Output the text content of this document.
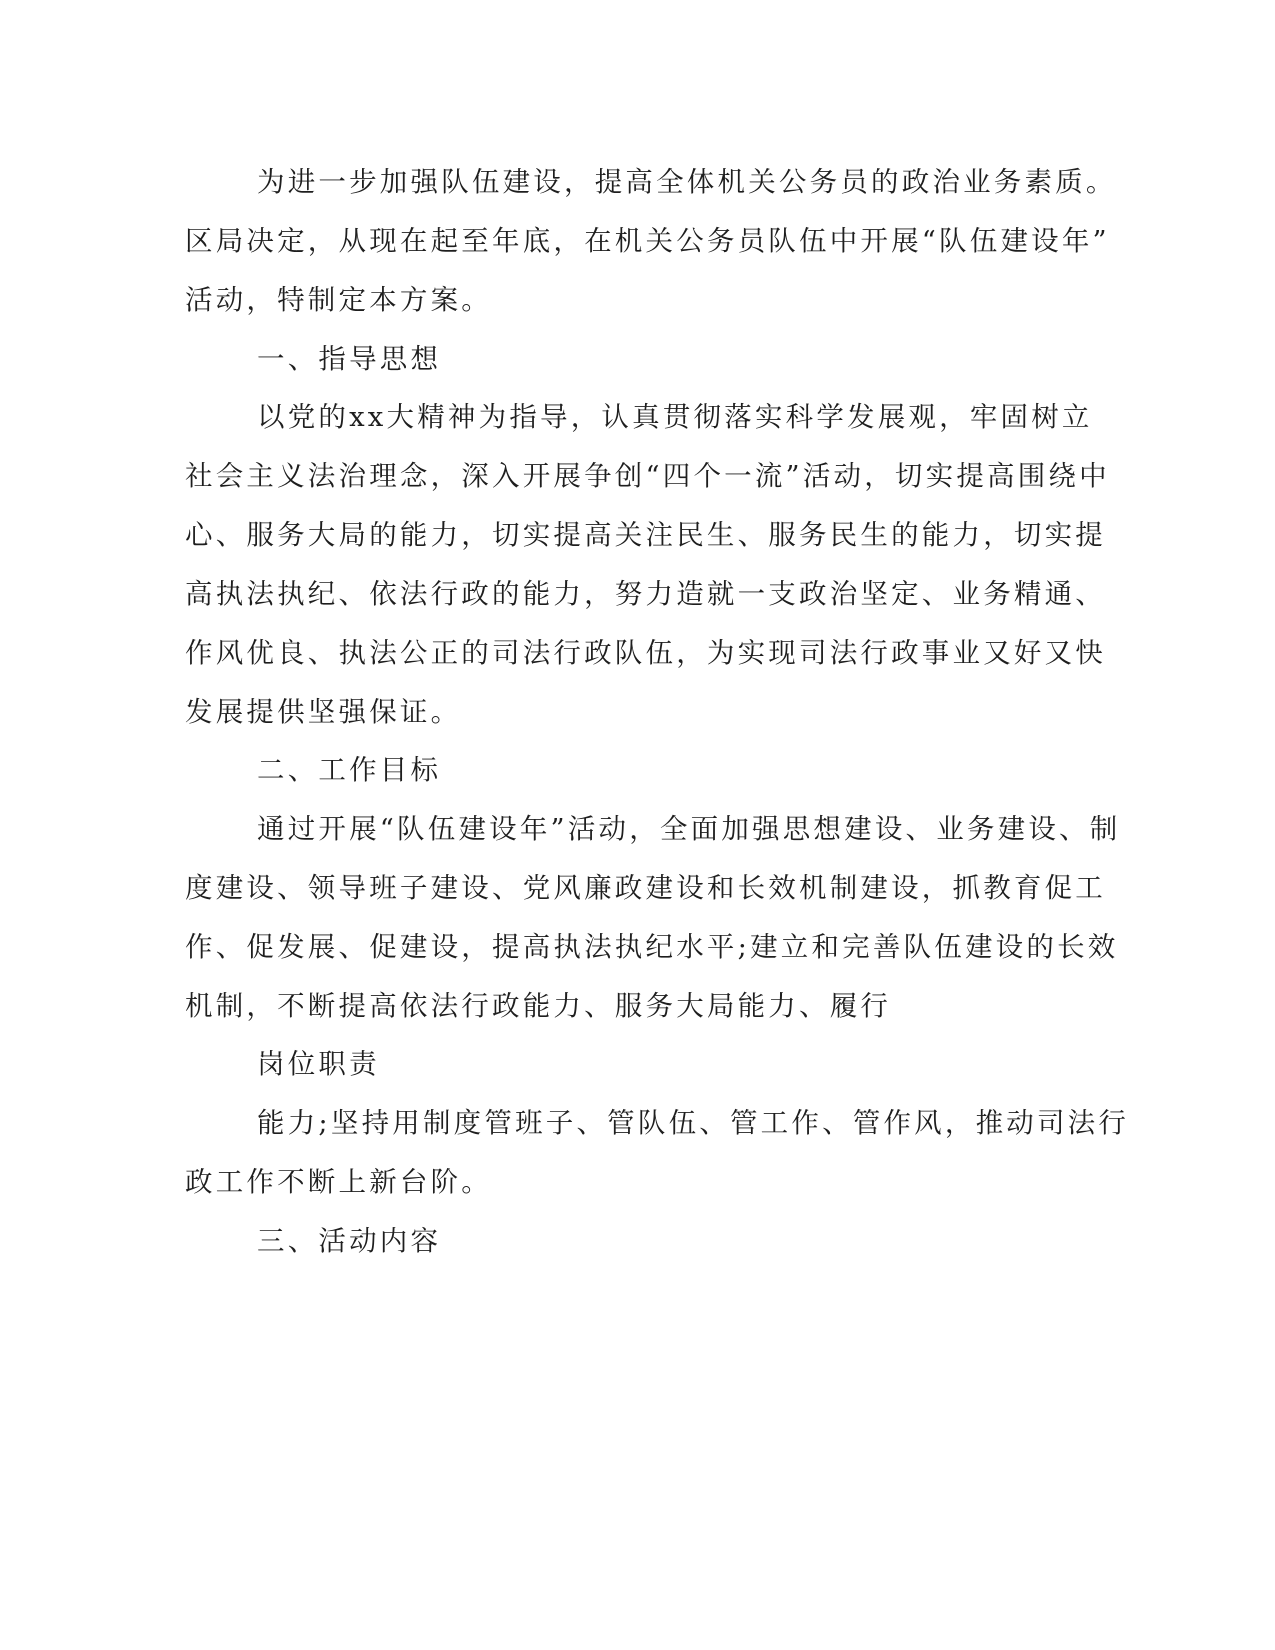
为进一步加强队伍建设，提高全体机关公务员的政治业务素质。
区局决定，从现在起至年底，在机关公务员队伍中开展“队伍建设年”
活动，特制定本方案。
一、指导思想
以党的xx大精神为指导，认真贯彻落实科学发展观，牢固树立
社会主义法治理念，深入开展争创“四个一流”活动，切实提高围绕中
心、服务大局的能力，切实提高关注民生、服务民生的能力，切实提
高执法执纪、依法行政的能力，努力造就一支政治坚定、业务精通、
作风优良、执法公正的司法行政队伍，为实现司法行政事业又好又快
发展提供坚强保证。
二、工作目标
通过开展“队伍建设年”活动，全面加强思想建设、业务建设、制
度建设、领导班子建设、党风廉政建设和长效机制建设，抓教育促工
作、促发展、促建设，提高执法执纪水平;建立和完善队伍建设的长效
机制，不断提高依法行政能力、服务大局能力、履行
岗位职责
能力;坚持用制度管班子、管队伍、管工作、管作风，推动司法行
政工作不断上新台阶。
三、活动内容
